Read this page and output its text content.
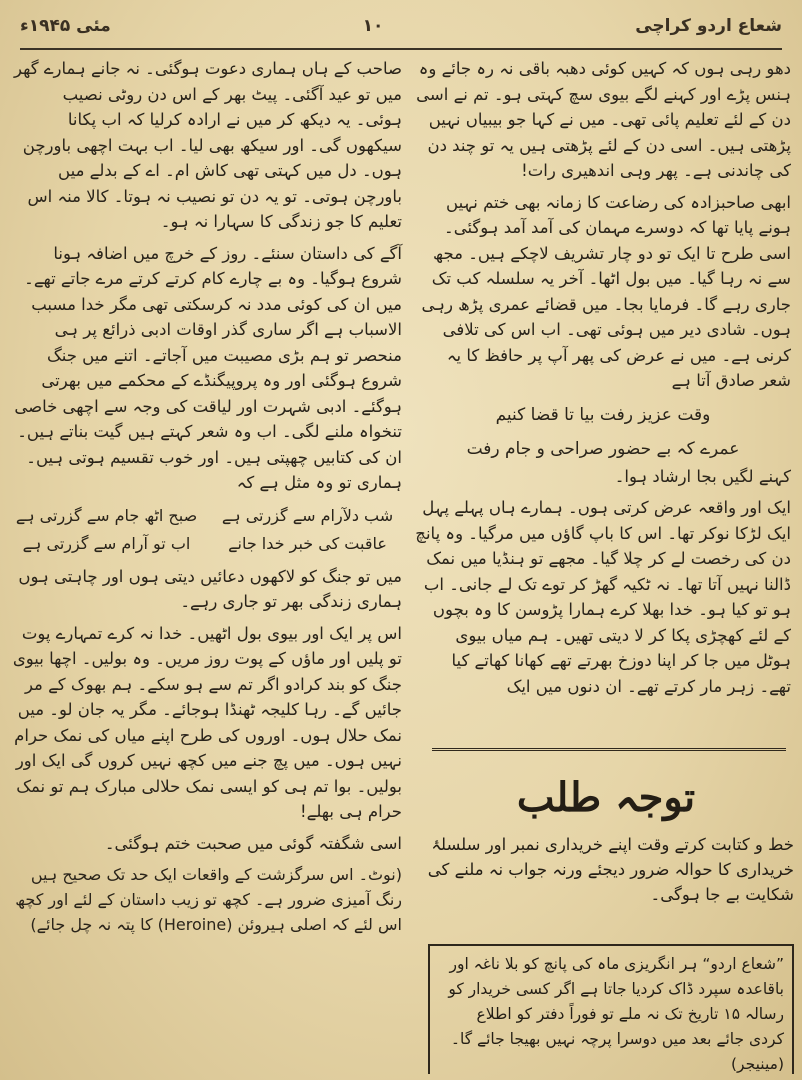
مئی ۱۹۴۵ء	۱۰	شعاع اردو کراچی

دھو رہی ہوں کہ کہیں کوئی دھبہ باقی نہ رہ جائے وہ ہنس پڑے اور کہنے لگے بیوی سچ کہتی ہو۔ تم نے اسی دن کے لئے تعلیم پائی تھی۔ میں نے کہا جو بیبیاں نہیں پڑھتی ہیں۔ اسی دن کے لئے پڑھتی ہیں یہ تو چند دن کی چاندنی ہے۔ پھر وہی اندھیری رات!

ابھی صاحبزادہ کی رضاعت کا زمانہ بھی ختم نہیں ہونے پایا تھا کہ دوسرے مہمان کی آمد آمد ہوگئی۔ اسی طرح تا ایک تو دو چار تشریف لاچکے ہیں۔ مجھ سے نہ رہا گیا۔ میں بول اٹھا۔ آخر یہ سلسلہ کب تک جاری رہے گا۔ فرمایا بجا۔ میں قضائے عمری پڑھ رہی ہوں۔ شادی دیر میں ہوئی تھی۔ اب اس کی تلافی کرنی ہے۔ میں نے عرض کی پھر آپ پر حافظ کا یہ شعر صادق آتا ہے

وقت عزیز رفت بیا تا قضا کنیم
عمرے کہ بے حضور صراحی و جام رفت

کہنے لگیں بجا ارشاد ہوا۔

ایک اور واقعہ عرض کرتی ہوں۔ ہمارے ہاں پہلے پہل ایک لڑکا نوکر تھا۔ اس کا باپ گاؤں میں مرگیا۔ وہ پانچ دن کی رخصت لے کر چلا گیا۔ مجھے تو ہنڈیا میں نمک ڈالنا نہیں آتا تھا۔ نہ ٹکیہ گھڑ کر توے تک لے جانی۔ اب ہو تو کیا ہو۔ خدا بھلا کرے ہمارا پڑوسن کا وہ بچوں کے لئے کھچڑی پکا کر لا دیتی تھیں۔ ہم میاں بیوی ہوٹل میں جا کر اپنا دوزخ بھرتے تھے کھانا کھاتے کیا تھے۔ زہر مار کرتے تھے۔ ان دنوں میں ایک

توجہ طلب
خط و کتابت کرتے وقت اپنے خریداری نمبر اور سلسلۂ خریداری کا حوالہ ضرور دیجئے ورنہ جواب نہ ملنے کی شکایت بے جا ہوگی۔
”شعاع اردو“ ہر انگریزی ماہ کی پانچ کو بلا ناغہ اور باقاعدہ سپرد ڈاک کردیا جاتا ہے اگر کسی خریدار کو رسالہ ۱۵ تاریخ تک نہ ملے تو فوراً دفتر کو اطلاع کردی جائے بعد میں دوسرا پرچہ نہیں بھیجا جائے گا۔ (مینیجر)

صاحب کے ہاں ہماری دعوت ہوگئی۔ نہ جانے ہمارے گھر میں تو عید آگئی۔ پیٹ بھر کے اس دن روٹی نصیب ہوئی۔ یہ دیکھ کر میں نے ارادہ کرلیا کہ اب پکانا سیکھوں گی۔ اور سیکھ بھی لیا۔ اب بہت اچھی باورچن ہوں۔ دل میں کہتی تھی کاش ام۔ اے کے بدلے میں باورچن ہوتی۔ تو یہ دن تو نصیب نہ ہوتا۔ کالا منہ اس تعلیم کا جو زندگی کا سہارا نہ ہو۔

آگے کی داستان سنئے۔ روز کے خرچ میں اضافہ ہونا شروع ہوگیا۔ وہ بے چارے کام کرتے کرتے مرے جاتے تھے۔ میں ان کی کوئی مدد نہ کرسکتی تھی مگر خدا مسبب الاسباب ہے اگر ساری گذر اوقات ادبی ذرائع پر ہی منحصر تو ہم بڑی مصیبت میں آجاتے۔ اتنے میں جنگ شروع ہوگئی اور وہ پروپیگنڈے کے محکمے میں بھرتی ہوگئے۔ ادبی شہرت اور لیاقت کی وجہ سے اچھی خاصی تنخواہ ملنے لگی۔ اب وہ شعر کہتے ہیں گیت بناتے ہیں۔ ان کی کتابیں چھپتی ہیں۔ اور خوب تقسیم ہوتی ہیں۔ ہماری تو وہ مثل ہے کہ

شب دلآرام سے گزرتی ہے
صبح اٹھ جام سے گزرتی ہے
عاقبت کی خبر خدا جانے
اب تو آرام سے گزرتی ہے

میں تو جنگ کو لاکھوں دعائیں دیتی ہوں اور چاہتی ہوں ہماری زندگی بھر تو جاری رہے۔

اس پر ایک اور بیوی بول اٹھیں۔ خدا نہ کرے تمہارے پوت تو پلیں اور ماؤں کے پوت روز مریں۔ وہ بولیں۔ اچھا بیوی جنگ کو بند کرادو اگر تم سے ہو سکے۔ ہم بھوک کے مر جائیں گے۔ رہا کلیجہ ٹھنڈا ہوجائے۔ مگر یہ جان لو۔ میں نمک حلال ہوں۔ اوروں کی طرح اپنے میاں کی نمک حرام نہیں ہوں۔ میں پچ جنے میں کچھ نہیں کروں گی ایک اور بولیں۔ بوا تم ہی کو ایسی نمک حلالی مبارک ہم تو نمک حرام ہی بھلے!

اسی شگفتہ گوئی میں صحبت ختم ہوگئی۔

(نوٹ۔ اس سرگزشت کے واقعات ایک حد تک صحیح ہیں رنگ آمیزی ضرور ہے۔ کچھ تو زیب داستان کے لئے اور کچھ اس لئے کہ اصلی ہیروئن (Heroine) کا پتہ نہ چل جائے)
